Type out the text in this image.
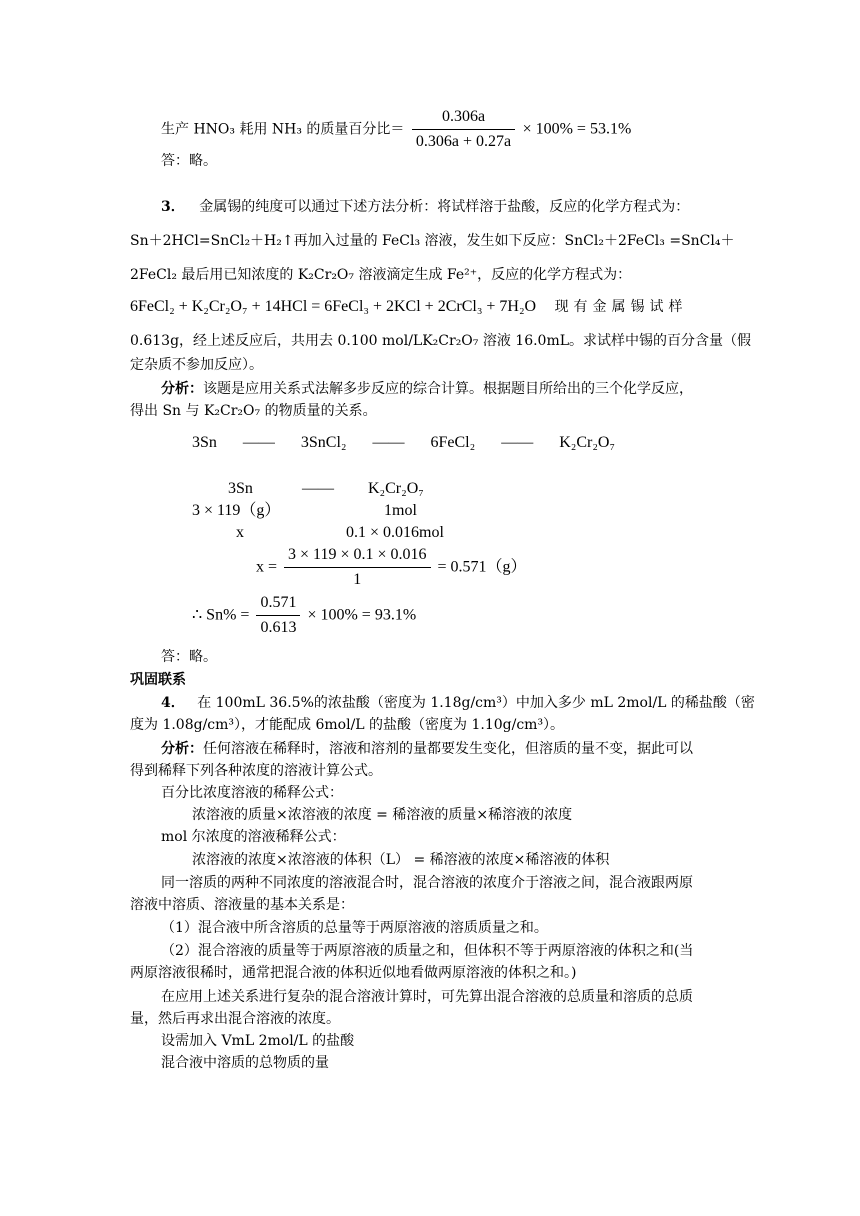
生产 HNO₃ 耗用 NH₃ 的质量百分比＝ $\frac{0.306a}{0.306a + 0.27a} \times 100\% = 53.1\%$
答：略。
3． 金属锡的纯度可以通过下述方法分析：将试样溶于盐酸，反应的化学方程式为：
Sn＋2HCl=SnCl₂＋H₂↑再加入过量的 FeCl₃ 溶液，发生如下反应：SnCl₂＋2FeCl₃ =SnCl₄＋
2FeCl₂ 最后用已知浓度的 K₂Cr₂O₇ 溶液滴定生成 Fe²⁺，反应的化学方程式为：
6FeCl₂ + K₂Cr₂O₇ + 14HCl = 6FeCl₃ + 2KCl + 2CrCl₃ + 7H₂O 现有金属锡试样
0.613g，经上述反应后，共用去 0.100 mol/LK₂Cr₂O₇ 溶液 16.0mL。求试样中锡的百分含量（假
定杂质不参加反应）。
分析：该题是应用关系式法解多步反应的综合计算。根据题目所给出的三个化学反应，
得出 Sn 与 K₂Cr₂O₇ 的物质量的关系。
3Sn —— 3SnCl₂ —— 6FeCl₂ —— K₂Cr₂O₇
3Sn	—— K₂Cr₂O₇
3 × 119（g）	1mol
x	0.1 × 0.016mol
$x = \frac{3 \times 119 \times 0.1 \times 0.016}{1} = 0.571(g)$
∴ $Sn\% = \frac{0.571}{0.613} \times 100\% = 93.1\%$
答：略。
巩固联系
4． 在 100mL 36.5%的浓盐酸（密度为 1.18g/cm³）中加入多少 mL 2mol/L 的稀盐酸（密
度为 1.08g/cm³），才能配成 6mol/L 的盐酸（密度为 1.10g/cm³）。
分析：任何溶液在稀释时，溶液和溶剂的量都要发生变化，但溶质的量不变，据此可以
得到稀释下列各种浓度的溶液计算公式。
百分比浓度溶液的稀释公式：
浓溶液的质量×浓溶液的浓度 = 稀溶液的质量×稀溶液的浓度
mol 尔浓度的溶液稀释公式：
浓溶液的浓度×浓溶液的体积（L） = 稀溶液的浓度×稀溶液的体积
同一溶质的两种不同浓度的溶液混合时，混合溶液的浓度介于溶液之间，混合液跟两原
溶液中溶质、溶液量的基本关系是：
（1）混合液中所含溶质的总量等于两原溶液的溶质质量之和。
（2）混合溶液的质量等于两原溶液的质量之和，但体积不等于两原溶液的体积之和(当
两原溶液很稀时，通常把混合液的体积近似地看做两原溶液的体积之和。)
在应用上述关系进行复杂的混合溶液计算时，可先算出混合溶液的总质量和溶质的总质
量，然后再求出混合溶液的浓度。
设需加入 VmL 2mol/L 的盐酸
混合液中溶质的总物质的量
